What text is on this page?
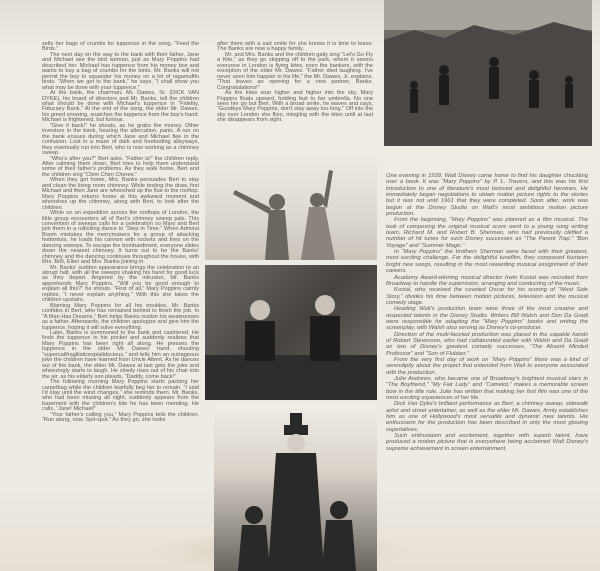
sells her bags of crumbs for tuppence in the song, “Feed the Birds.”

The next day on the way to the bank with their father, Jane and Michael see the bird woman, just as Mary Poppins had described her. Michael has tuppence from his money box and wants to buy a bag of crumbs for the birds. Mr. Banks will not permit the boy to squander his money on a lot of ragamuffin birds. “When we get to the bank,” he says, “I shall show you what may be done with your tuppence.”

At the bank, the chairman, Mr. Dawes, Sr. (DICK VAN DYKE), his board of directors and Mr. Banks, tell the children what should be done with Michael's tuppence in “Fidelity, Fiduciary Bank.” At the end of the song, the elder Mr. Dawes, his greed snowing, snatches the tuppence from the boy's hand. Michael is frightened, but furious.

“Give it back!” he shouts, as he grabs the money. Other investors in the bank, hearing the altercation, panic. A run on the bank ensues during which Jane and Michael flee in the confusion. Lost in a maze of dark and foreboding alleyways, they eventually run into Bert, who is now working as a chimney sweep.

“Who's after you?” Bert asks. “Father is!” the children reply. After calming them down, Bert tries to help them understand some of their father's problems. As they walk home, Bert and the children sing “Chim Chim Cheree.”

When they get home, Mrs. Banks persuades Bert to stay and clean the living room chimney. While testing the draw, first Michael and then Jane are whooshed up the flue to the rooftop. Mary Poppins returns home at this awkward moment and whooshes up the chimney, along with Bert, to look after the children.

While on an expedition across the rooftops of London, the little group encounters all of Bert's chimney sweep pals. This convention of sweeps calls for a celebration so Mary and Bert join them in a rollicking dance to “Step in Time.” When Admiral Boom mistakes the merrymakers for a group of attacking hottentots, he loads his cannon with rockets and fires on the dancing sweeps. To escape the bombardment, everyone slides down the nearest chimney. It turns out to be the Banks' chimney and the dancing continues throughout the house, with Mrs. Brill, Ellen and Mrs. Banks joining in.

Mr. Banks' sudden appearance brings the celebration to an abrupt halt, with all the sweeps shaking his hand for good luck as they depart. Angered by the intrusion, Mr. Banks apprehends Mary Poppins. “Will you be good enough to explain all this?” he shouts. “First of all,” Mary Poppins calmly replies, “I never explain anything.” With this she takes the children upstairs.

Blaming Mary Poppins for all his troubles, Mr. Banks confides in Bert, who has remained behind to finish the job. In “A Man Has Dreams,” Bert helps Banks realize his weaknesses as a father. Afterwards, the children apologize and give him the tuppence, hoping it will solve everything.

Later, Banks is summoned to the bank and cashiered. He finds the tuppence in his pocket and suddenly realizes that Mary Poppins has been right all along. He presses the tuppence in the older Mr. Dawes' hand, shouting “supercalifragilisticexpialidocious,” and tells him an outrageous joke the children have learned from Uncle Albert. As he dances out of the bank, the elder Mr. Dawes at last gets the joke and wheezingly starts to laugh. He slowly rises out of his chair into the air, as his elderly son pleads, “Daddy, come back!”

The following morning Mary Poppins starts packing her carpetbag while the children tearfully beg her to remain. “I said I'd stay until the wind changes,” she reminds them. Mr. Banks, who had been missing all night, suddenly appears from the basement with the children's kite he has been mending. He calls, “Jane! Michael!”

“Your father's calling you,” Mary Poppins tells the children. “Run along, now. Spit-spot.” As they go, she looks

after them with a sad smile for she knows it is time to leave. The Banks are now a happy family.

Mr. and Mrs. Banks and the children gaily sing “Let's Go Fly a Kite,” as they go skipping off to the park, where it seems everyone in London is flying kites, even the bankers, with the exception of the elder Mr. Dawes. “Father died laughing. I've never seen him happier in his life,” the Mr. Dawes, Jr. explains. “That leaves an opening for a new partner, Banks. Congratulations!”

As the kites soar higher and higher into the sky, Mary Poppins floats upward, holding fast to her umbrella. No one sees her go but Bert. With a broad smile, he waves and says, “Goodbye Mary Poppins, don't stay away too long.” Off into the sky over London she flies, mingling with the kites until at last she disappears from sight.

One evening in 1939, Walt Disney came home to find his daughter chuckling over a book. It was “Mary Poppins” by P. L. Travers, and this was his first introduction to one of literature's most beloved and delightful heroines. He immediately began negotiations to obtain motion picture rights to the stories but it was not until 1961 that they were completed. Soon after, work was begun at the Disney Studio on Walt's most ambitious motion picture production.

From the beginning, “Mary Poppins” was planned as a film musical. The task of composing the original musical score went to a young song writing team, Richard M. and Robert B. Sherman, who had previously cleffed a number of hit tunes for such Disney successes as “The Parent Trap,” “Bon Voyage” and “Summer Magic.”

In “Mary Poppins” the brothers Sherman were faced with their greatest, most exciting challenge. For the delightful tunefilm, they composed fourteen bright new songs, resulting in the most rewarding musical assignment of their careers.

Academy Award-winning musical director Irwin Kostal was recruited from Broadway to handle the supervision, arranging and conducting of the music.

Kostal, who received the coveted Oscar for his scoring of “West Side Story,” divides his time between motion pictures, television and the musical comedy stage.

Heading Walt's production team were three of the most creative and respected talents in the Disney Studio. Writers Bill Walsh and Don Da Gradi were responsible for adapting the “Mary Poppins” books and writing the screenplay, with Walsh also serving as Disney's co-producer.

Direction of the multi-faceted production was placed in the capable hands of Robert Stevenson, who had collaborated earlier with Walsh and Da Gradi on two of Disney's greatest comedy successes, “The Absent Minded Professor” and “Son of Flubber.”

From the very first day of work on “Mary Poppins” there was a kind of serendipity about the project that extended from Walt to everyone associated with the production.

Julie Andrews, who became one of Broadway's brightest musical stars in “The Boyfriend,” “My Fair Lady” and “Camelot,” makes a memorable screen bow in the title role. Julie has written that making her first film was one of the most exciting experiences of her life.

Dick Van Dyke's brilliant performance as Bert, a chimney sweep, sidewalk artist and street entertainer, as well as the elder Mr. Dawes, firmly establishes him as one of Hollywood's most versatile and dynamic new talents. His enthusiasm for the production has been described in only the most glowing superlatives.

Such enthusiasm and excitement, together with superb talent, have produced a motion picture that is everywhere being acclaimed Walt Disney's supreme achievement in screen entertainment.
